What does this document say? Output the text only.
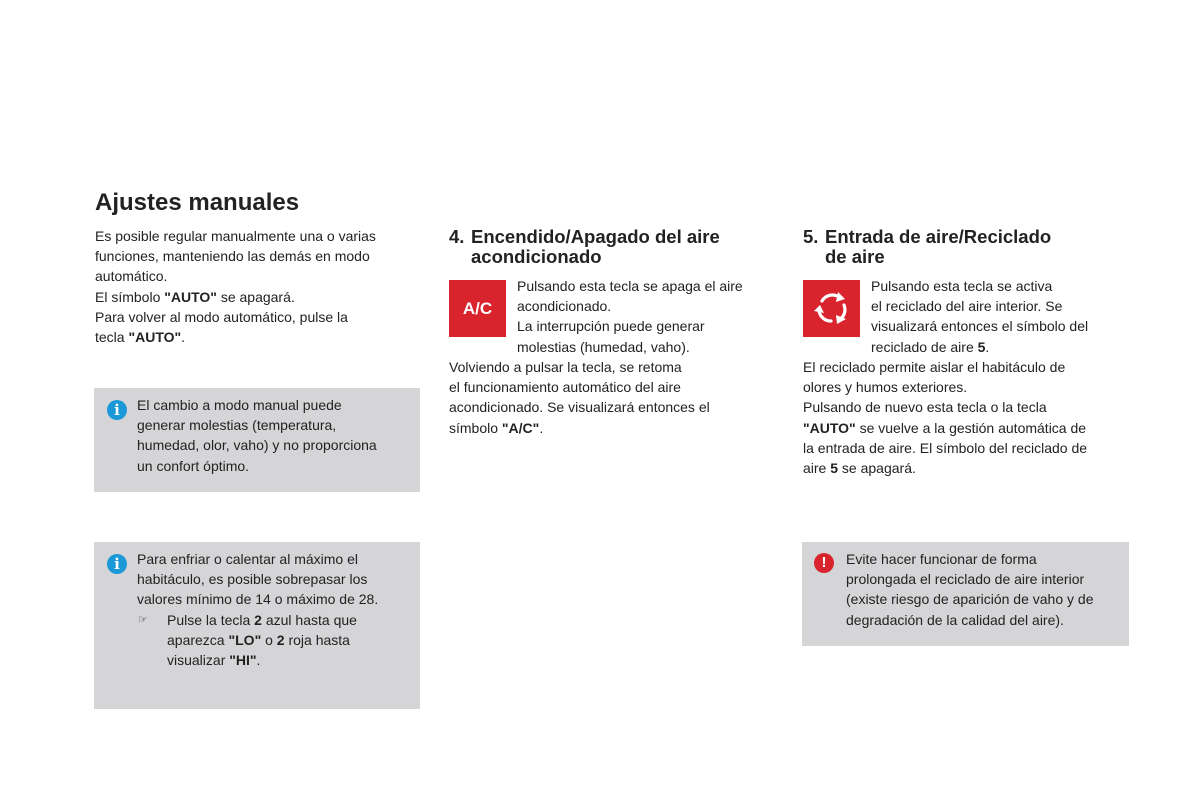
Ajustes manuales
Es posible regular manualmente una o varias
funciones, manteniendo las demás en modo
automático.
El símbolo "AUTO" se apagará.
Para volver al modo automático, pulse la
tecla "AUTO".
i	El cambio a modo manual puede
generar molestias (temperatura,
humedad, olor, vaho) y no proporciona
un confort óptimo.
i	Para enfriar o calentar al máximo el
habitáculo, es posible sobrepasar los
valores mínimo de 14 o máximo de 28.
☞	Pulse la tecla 2 azul hasta que
aparezca "LO" o 2 roja hasta
visualizar "HI".
4. Encendido/Apagado del aire
acondicionado
A/C
Pulsando esta tecla se apaga el aire
acondicionado.
La interrupción puede generar
molestias (humedad, vaho).
Volviendo a pulsar la tecla, se retoma
el funcionamiento automático del aire
acondicionado. Se visualizará entonces el
símbolo "A/C".
5. Entrada de aire/Reciclado
de aire
Pulsando esta tecla se activa
el reciclado del aire interior. Se
visualizará entonces el símbolo del
reciclado de aire 5.
El reciclado permite aislar el habitáculo de
olores y humos exteriores.
Pulsando de nuevo esta tecla o la tecla
"AUTO" se vuelve a la gestión automática de
la entrada de aire. El símbolo del reciclado de
aire 5 se apagará.
!	Evite hacer funcionar de forma
prolongada el reciclado de aire interior
(existe riesgo de aparición de vaho y de
degradación de la calidad del aire).
